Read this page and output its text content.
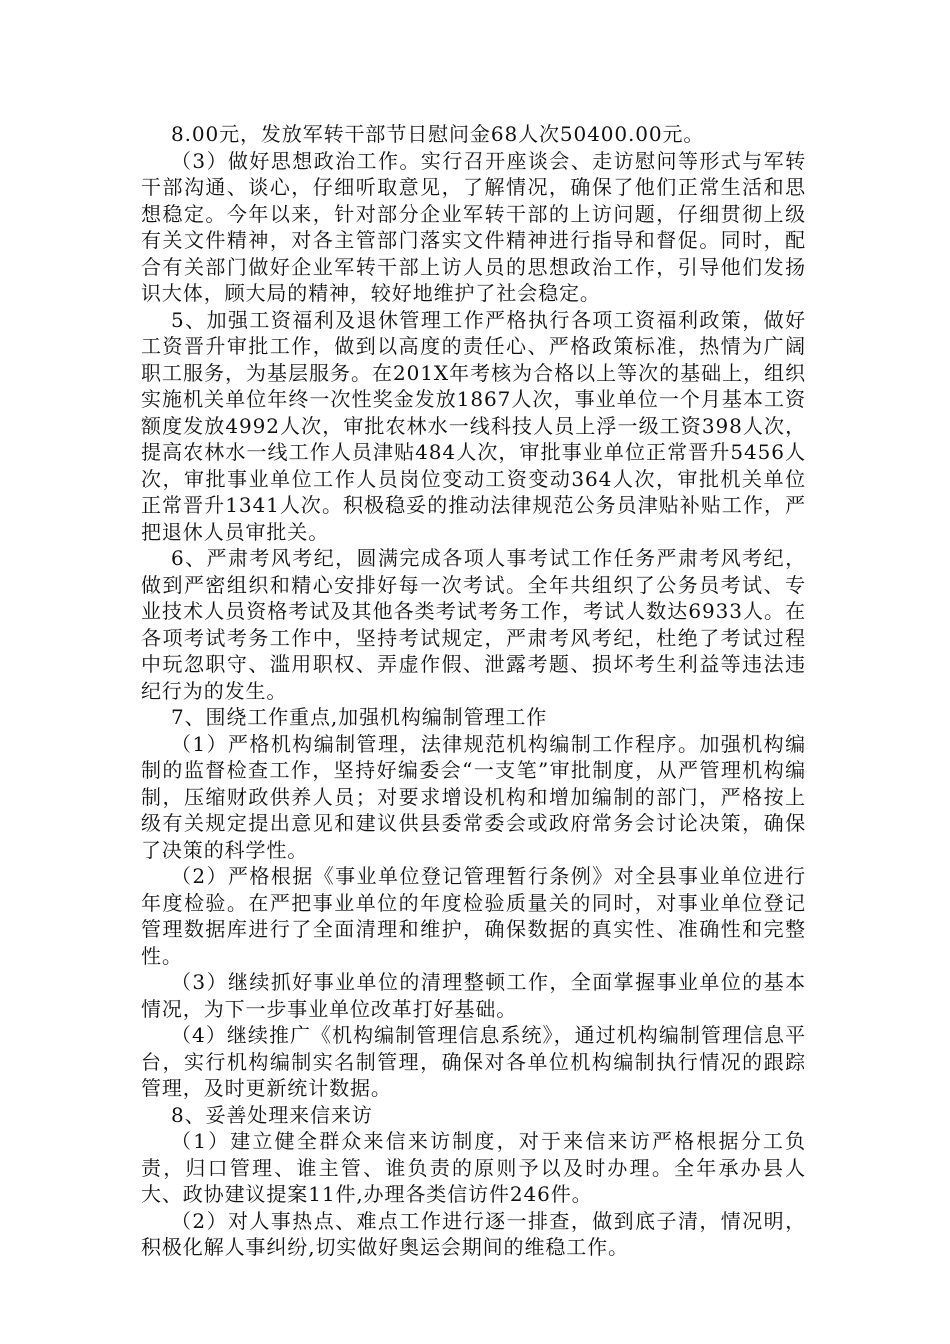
8.00元，发放军转干部节日慰问金68人次50400.00元。

（3）做好思想政治工作。实行召开座谈会、走访慰问等形式与军转干部沟通、谈心，仔细听取意见，了解情况，确保了他们正常生活和思想稳定。今年以来，针对部分企业军转干部的上访问题，仔细贯彻上级有关文件精神，对各主管部门落实文件精神进行指导和督促。同时，配合有关部门做好企业军转干部上访人员的思想政治工作，引导他们发扬识大体，顾大局的精神，较好地维护了社会稳定。

5、加强工资福利及退休管理工作严格执行各项工资福利政策，做好工资晋升审批工作，做到以高度的责任心、严格政策标准，热情为广阔职工服务，为基层服务。在201X年考核为合格以上等次的基础上，组织实施机关单位年终一次性奖金发放1867人次，事业单位一个月基本工资额度发放4992人次，审批农林水一线科技人员上浮一级工资398人次，提高农林水一线工作人员津贴484人次，审批事业单位正常晋升5456人次，审批事业单位工作人员岗位变动工资变动364人次，审批机关单位正常晋升1341人次。积极稳妥的推动法律规范公务员津贴补贴工作，严把退休人员审批关。

6、严肃考风考纪，圆满完成各项人事考试工作任务严肃考风考纪，做到严密组织和精心安排好每一次考试。全年共组织了公务员考试、专业技术人员资格考试及其他各类考试考务工作，考试人数达6933人。在各项考试考务工作中，坚持考试规定，严肃考风考纪，杜绝了考试过程中玩忽职守、滥用职权、弄虚作假、泄露考题、损坏考生利益等违法违纪行为的发生。

7、围绕工作重点,加强机构编制管理工作

（1）严格机构编制管理，法律规范机构编制工作程序。加强机构编制的监督检查工作，坚持好编委会“一支笔”审批制度，从严管理机构编制，压缩财政供养人员；对要求增设机构和增加编制的部门，严格按上级有关规定提出意见和建议供县委常委会或政府常务会讨论决策，确保了决策的科学性。

（2）严格根据《事业单位登记管理暂行条例》对全县事业单位进行年度检验。在严把事业单位的年度检验质量关的同时，对事业单位登记管理数据库进行了全面清理和维护，确保数据的真实性、准确性和完整性。

（3）继续抓好事业单位的清理整顿工作，全面掌握事业单位的基本情况，为下一步事业单位改革打好基础。

（4）继续推广《机构编制管理信息系统》，通过机构编制管理信息平台，实行机构编制实名制管理，确保对各单位机构编制执行情况的跟踪管理，及时更新统计数据。

8、妥善处理来信来访

（1）建立健全群众来信来访制度，对于来信来访严格根据分工负责，归口管理、谁主管、谁负责的原则予以及时办理。全年承办县人大、政协建议提案11件,办理各类信访件246件。

（2）对人事热点、难点工作进行逐一排查，做到底子清，情况明，积极化解人事纠纷,切实做好奥运会期间的维稳工作。
